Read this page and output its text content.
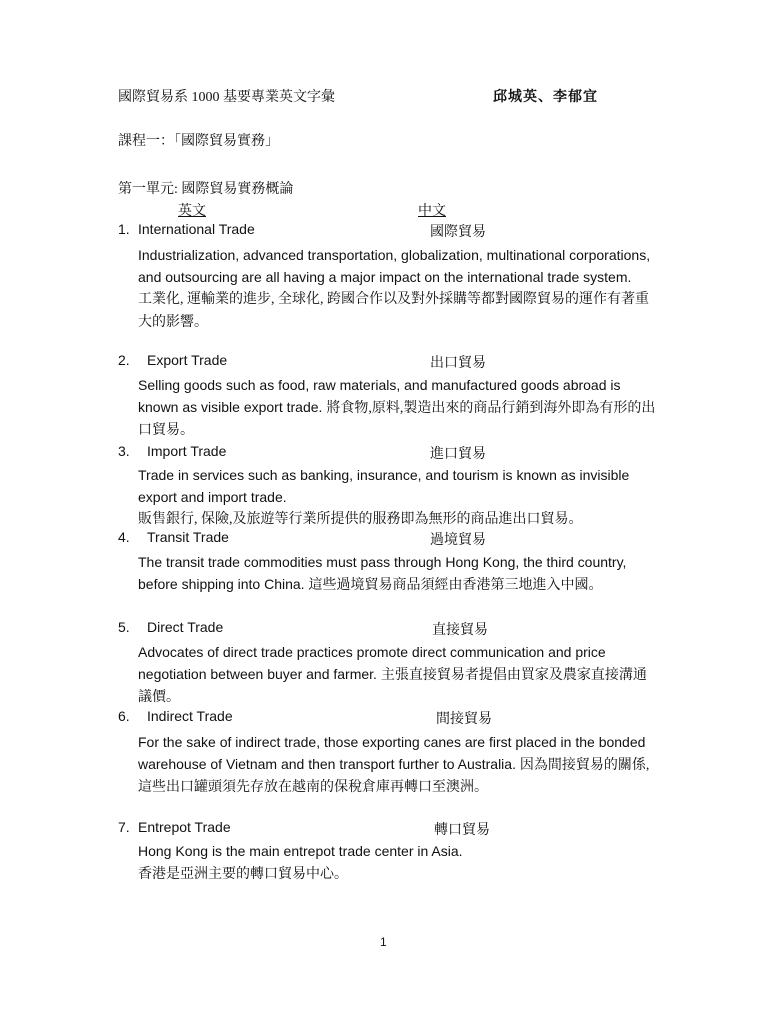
國際貿易系 1000 基要專業英文字彙	邱城英、李郁宜
課程一：「國際貿易實務」
第一單元: 國際貿易實務概論
英文	中文
1. International Trade	國際貿易
Industrialization, advanced transportation, globalization, multinational corporations, and outsourcing are all having a major impact on the international trade system.
工業化, 運輸業的進步, 全球化, 跨國合作以及對外採購等都對國際貿易的運作有著重大的影響。
2. Export Trade	出口貿易
Selling goods such as food, raw materials, and manufactured goods abroad is known as visible export trade. 將食物,原料,製造出來的商品行銷到海外即為有形的出口貿易。
3. Import Trade	進口貿易
Trade in services such as banking, insurance, and tourism is known as invisible export and import trade.
販售銀行, 保險,及旅遊等行業所提供的服務即為無形的商品進出口貿易。
4. Transit Trade	過境貿易
The transit trade commodities must pass through Hong Kong, the third country, before shipping into China. 這些過境貿易商品須經由香港第三地進入中國。
5. Direct Trade	直接貿易
Advocates of direct trade practices promote direct communication and price negotiation between buyer and farmer. 主張直接貿易者提倡由買家及農家直接溝通議價。
6. Indirect Trade	間接貿易
For the sake of indirect trade, those exporting canes are first placed in the bonded warehouse of Vietnam and then transport further to Australia. 因為間接貿易的關係, 這些出口罐頭須先存放在越南的保稅倉庫再轉口至澳洲。
7. Entrepot Trade	轉口貿易
Hong Kong is the main entrepot trade center in Asia.
香港是亞洲主要的轉口貿易中心。
1
